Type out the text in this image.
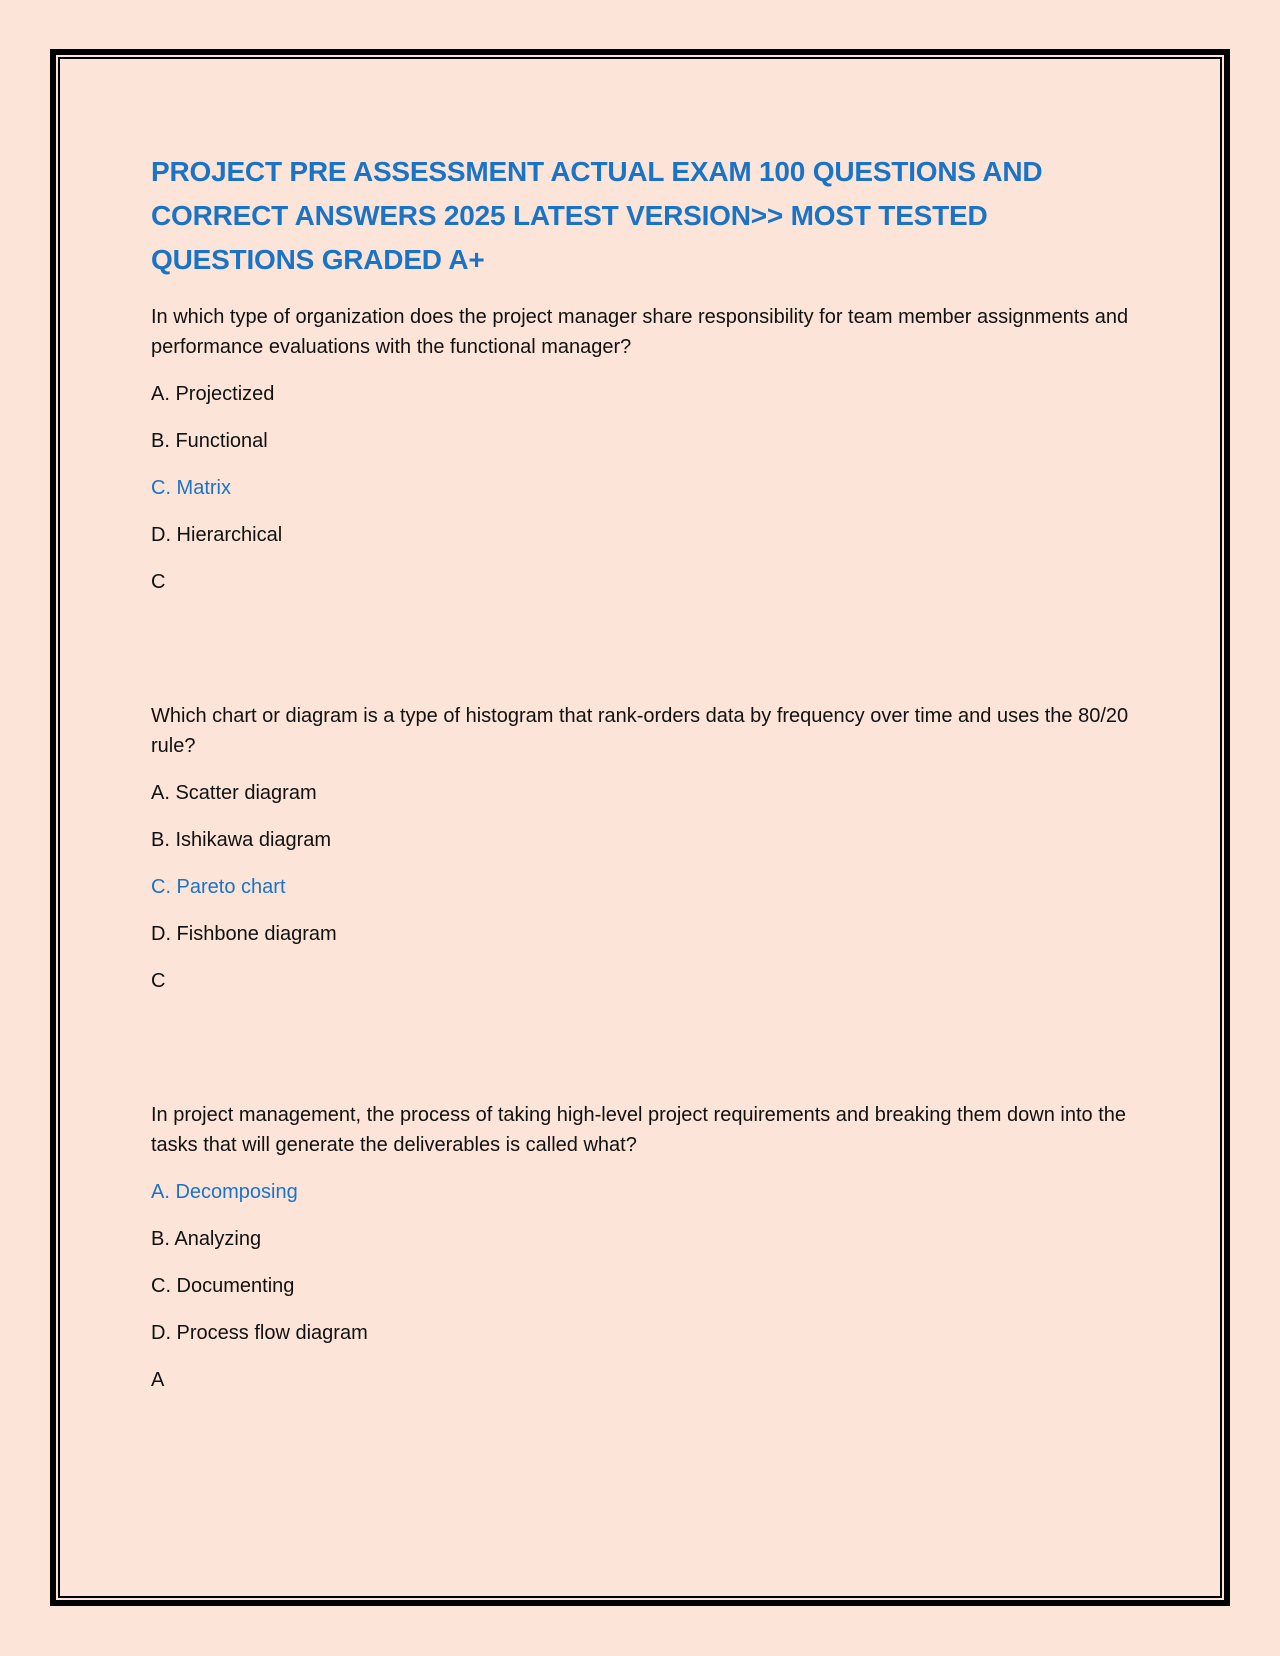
PROJECT PRE ASSESSMENT ACTUAL EXAM 100 QUESTIONS AND
CORRECT ANSWERS 2025 LATEST VERSION>> MOST TESTED
QUESTIONS GRADED A+

In which type of organization does the project manager share responsibility for team member assignments and performance evaluations with the functional manager?

A. Projectized

B. Functional

C. Matrix

D. Hierarchical

C

Which chart or diagram is a type of histogram that rank-orders data by frequency over time and uses the 80/20 rule?

A. Scatter diagram

B. Ishikawa diagram

C. Pareto chart

D. Fishbone diagram

C

In project management, the process of taking high-level project requirements and breaking them down into the tasks that will generate the deliverables is called what?

A. Decomposing

B. Analyzing

C. Documenting

D. Process flow diagram

A
